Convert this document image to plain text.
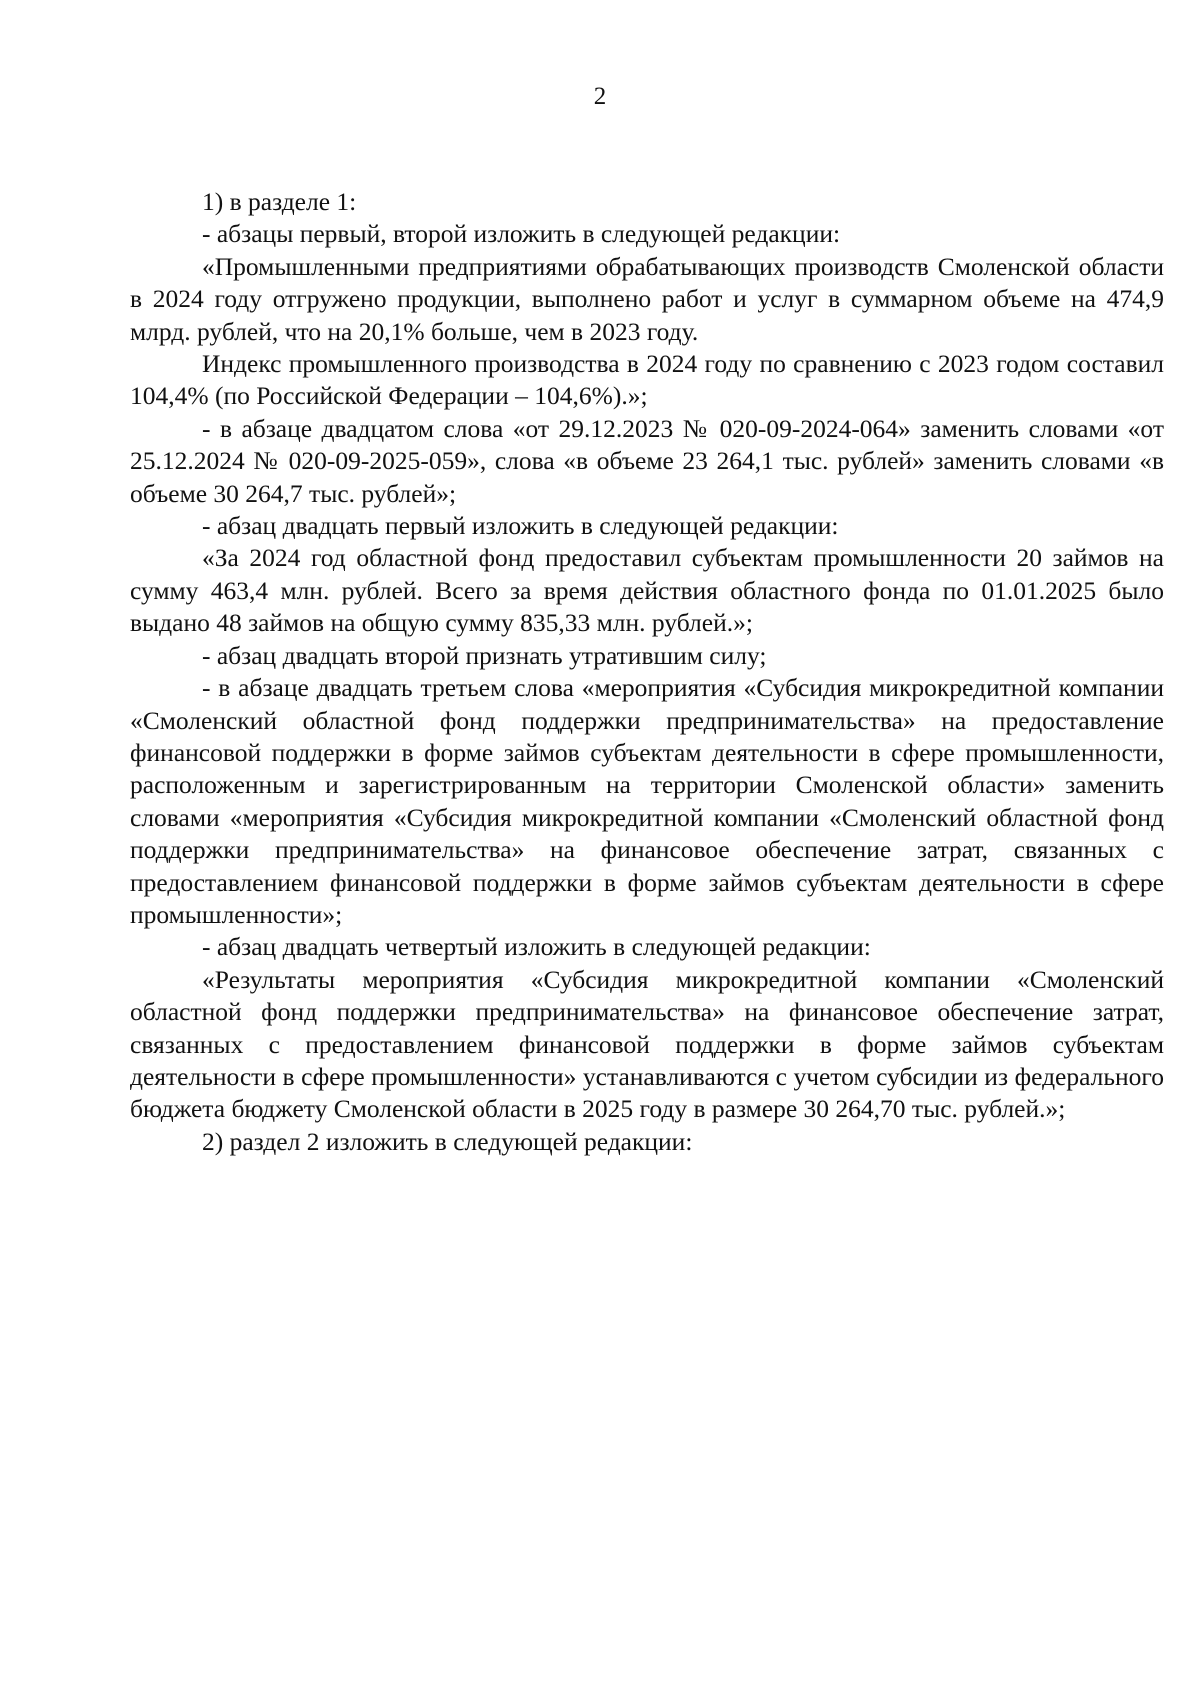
2

1) в разделе 1:

- абзацы первый, второй изложить в следующей редакции:

«Промышленными предприятиями обрабатывающих производств Смоленской области в 2024 году отгружено продукции, выполнено работ и услуг в суммарном объеме на 474,9 млрд. рублей, что на 20,1% больше, чем в 2023 году.

Индекс промышленного производства в 2024 году по сравнению с 2023 годом составил 104,4% (по Российской Федерации – 104,6%).»;

- в абзаце двадцатом слова «от 29.12.2023 № 020-09-2024-064» заменить словами «от 25.12.2024 № 020-09-2025-059», слова «в объеме 23 264,1 тыс. рублей» заменить словами «в объеме 30 264,7 тыс. рублей»;

- абзац двадцать первый изложить в следующей редакции:

«За 2024 год областной фонд предоставил субъектам промышленности 20 займов на сумму 463,4 млн. рублей. Всего за время действия областного фонда по 01.01.2025 было выдано 48 займов на общую сумму 835,33 млн. рублей.»;

- абзац двадцать второй признать утратившим силу;

- в абзаце двадцать третьем слова «мероприятия «Субсидия микрокредитной компании «Смоленский областной фонд поддержки предпринимательства» на предоставление финансовой поддержки в форме займов субъектам деятельности в сфере промышленности, расположенным и зарегистрированным на территории Смоленской области» заменить словами «мероприятия «Субсидия микрокредитной компании «Смоленский областной фонд поддержки предпринимательства» на финансовое обеспечение затрат, связанных с предоставлением финансовой поддержки в форме займов субъектам деятельности в сфере промышленности»;

- абзац двадцать четвертый изложить в следующей редакции:

«Результаты мероприятия «Субсидия микрокредитной компании «Смоленский областной фонд поддержки предпринимательства» на финансовое обеспечение затрат, связанных с предоставлением финансовой поддержки в форме займов субъектам деятельности в сфере промышленности» устанавливаются с учетом субсидии из федерального бюджета бюджету Смоленской области в 2025 году в размере 30 264,70 тыс. рублей.»;

2) раздел 2 изложить в следующей редакции:
